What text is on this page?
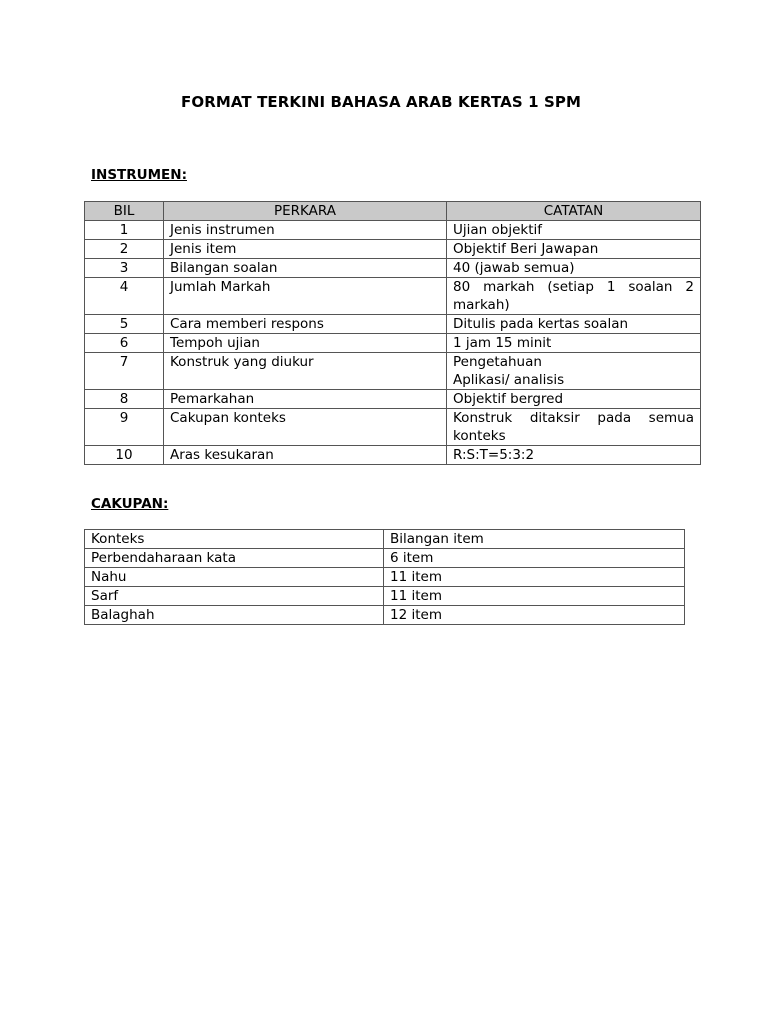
FORMAT TERKINI BAHASA ARAB KERTAS 1 SPM
INSTRUMEN:
BIL	PERKARA	CATATAN
1	Jenis instrumen	Ujian objektif

2	Jenis item	Objektif Beri Jawapan

3	Bilangan soalan	40 (jawab semua)

4	Jumlah Markah	80 markah (setiap 1 soalan 2 markah)

5	Cara memberi respons	Ditulis pada kertas soalan

6	Tempoh ujian	1 jam 15 minit

7	Konstruk yang diukur	Pengetahuan
Aplikasi/ analisis

8	Pemarkahan	Objektif bergred

9	Cakupan konteks	Konstruk ditaksir pada semua konteks

10	Aras kesukaran	R:S:T=5:3:2
CAKUPAN:
Konteks	Bilangan item
Perbendaharaan kata	6 item
Nahu	11 item
Sarf	11 item
Balaghah	12 item
